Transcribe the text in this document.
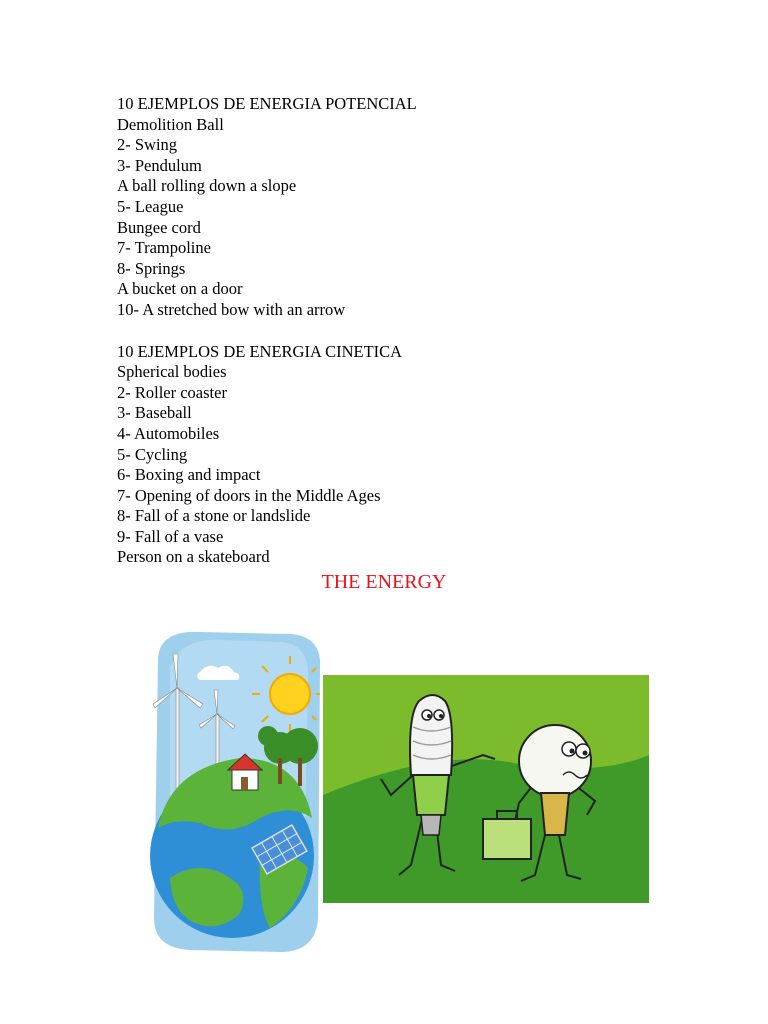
10 EJEMPLOS DE ENERGIA POTENCIAL
Demolition Ball
2- Swing
3- Pendulum
A ball rolling down a slope
5- League
Bungee cord
7- Trampoline
8- Springs
A bucket on a door
10- A stretched bow with an arrow
10 EJEMPLOS DE ENERGIA CINETICA
Spherical bodies
2- Roller coaster
3- Baseball
4- Automobiles
5- Cycling
6- Boxing and impact
7- Opening of doors in the Middle Ages
8- Fall of a stone or landslide
9- Fall of a vase
Person on a skateboard
THE ENERGY
